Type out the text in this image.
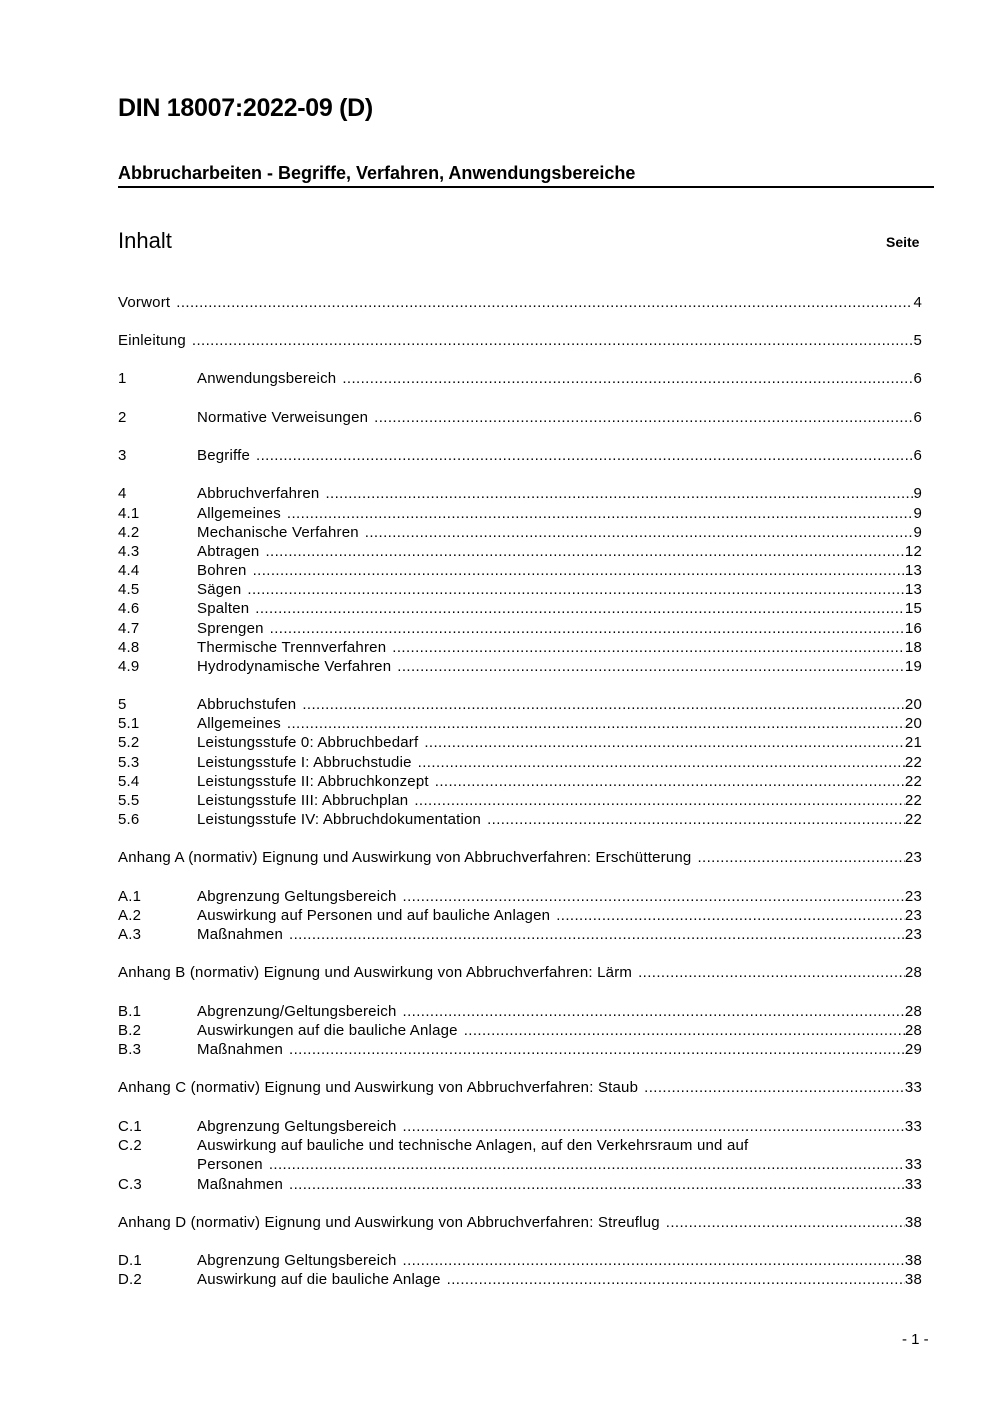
DIN 18007:2022-09 (D)
Abbrucharbeiten - Begriffe, Verfahren, Anwendungsbereiche
Inhalt	Seite
Vorwort .....	4
Einleitung .....	5
1	Anwendungsbereich .....	6
2	Normative Verweisungen .....	6
3	Begriffe .....	6
4	Abbruchverfahren .....	9
4.1	Allgemeines .....	9
4.2	Mechanische Verfahren .....	9
4.3	Abtragen .....	12
4.4	Bohren .....	13
4.5	Sägen .....	13
4.6	Spalten .....	15
4.7	Sprengen .....	16
4.8	Thermische Trennverfahren .....	18
4.9	Hydrodynamische Verfahren .....	19
5	Abbruchstufen .....	20
5.1	Allgemeines .....	20
5.2	Leistungsstufe 0: Abbruchbedarf .....	21
5.3	Leistungsstufe I: Abbruchstudie .....	22
5.4	Leistungsstufe II: Abbruchkonzept .....	22
5.5	Leistungsstufe III: Abbruchplan .....	22
5.6	Leistungsstufe IV: Abbruchdokumentation .....	22
Anhang A (normativ) Eignung und Auswirkung von Abbruchverfahren: Erschütterung .....	23
A.1	Abgrenzung Geltungsbereich .....	23
A.2	Auswirkung auf Personen und auf bauliche Anlagen .....	23
A.3	Maßnahmen .....	23
Anhang B (normativ) Eignung und Auswirkung von Abbruchverfahren: Lärm .....	28
B.1	Abgrenzung/Geltungsbereich .....	28
B.2	Auswirkungen auf die bauliche Anlage .....	28
B.3	Maßnahmen .....	29
Anhang C (normativ) Eignung und Auswirkung von Abbruchverfahren: Staub .....	33
C.1	Abgrenzung Geltungsbereich .....	33
C.2	Auswirkung auf bauliche und technische Anlagen, auf den Verkehrsraum und auf
Personen .....	33
C.3	Maßnahmen .....	33
Anhang D (normativ) Eignung und Auswirkung von Abbruchverfahren: Streuflug .....	38
D.1	Abgrenzung Geltungsbereich .....	38
D.2	Auswirkung auf die bauliche Anlage .....	38
- 1 -
